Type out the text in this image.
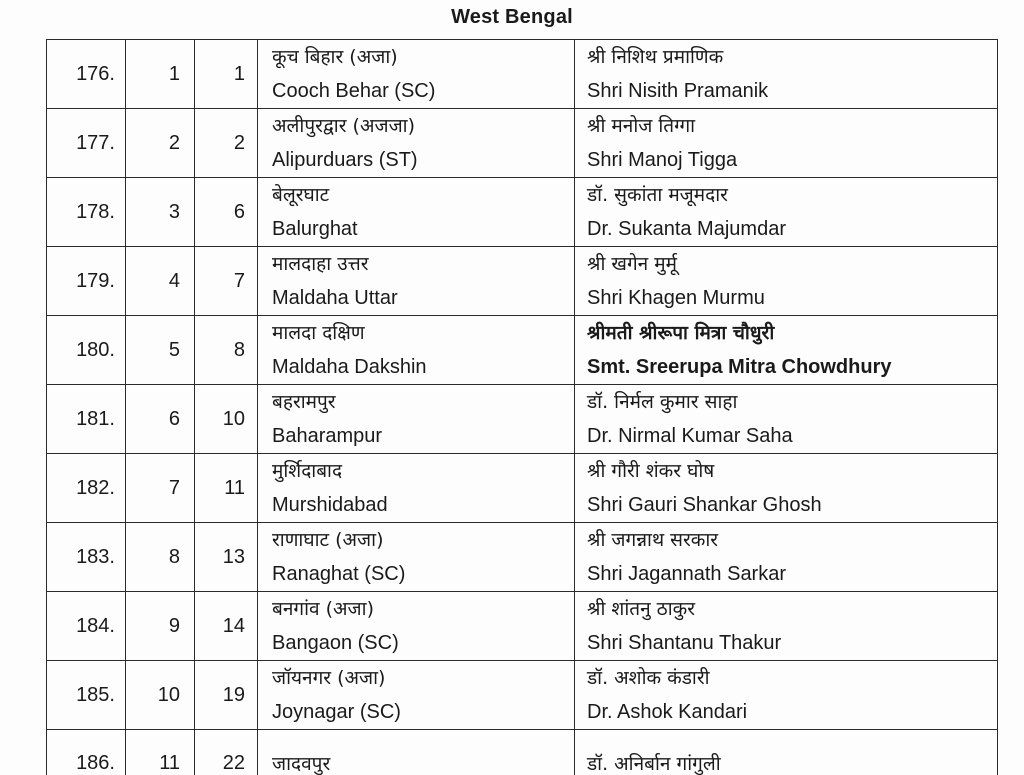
West Bengal
176.	1	1	कूच बिहार (अजा)
Cooch Behar (SC)	श्री निशिथ प्रमाणिक
Shri Nisith Pramanik

177.	2	2	अलीपुरद्वार (अजजा)
Alipurduars (ST)	श्री मनोज तिग्गा
Shri Manoj Tigga

178.	3	6	बेलूरघाट
Balurghat	डॉ. सुकांता मजूमदार
Dr. Sukanta Majumdar

179.	4	7	मालदाहा उत्तर
Maldaha Uttar	श्री खगेन मुर्मू
Shri Khagen Murmu

180.	5	8	मालदा दक्षिण
Maldaha Dakshin	श्रीमती श्रीरूपा मित्रा चौधुरी
Smt. Sreerupa Mitra Chowdhury

181.	6	10	बहरामपुर
Baharampur	डॉ. निर्मल कुमार साहा
Dr. Nirmal Kumar Saha

182.	7	11	मुर्शिदाबाद
Murshidabad	श्री गौरी शंकर घोष
Shri Gauri Shankar Ghosh

183.	8	13	राणाघाट (अजा)
Ranaghat (SC)	श्री जगन्नाथ सरकार
Shri Jagannath Sarkar

184.	9	14	बनगांव (अजा)
Bangaon (SC)	श्री शांतनु ठाकुर
Shri Shantanu Thakur

185.	10	19	जॉयनगर (अजा)
Joynagar (SC)	डॉ. अशोक कंडारी
Dr. Ashok Kandari

186.	11	22	जादवपुर	डॉ. अनिर्बान गांगुली
